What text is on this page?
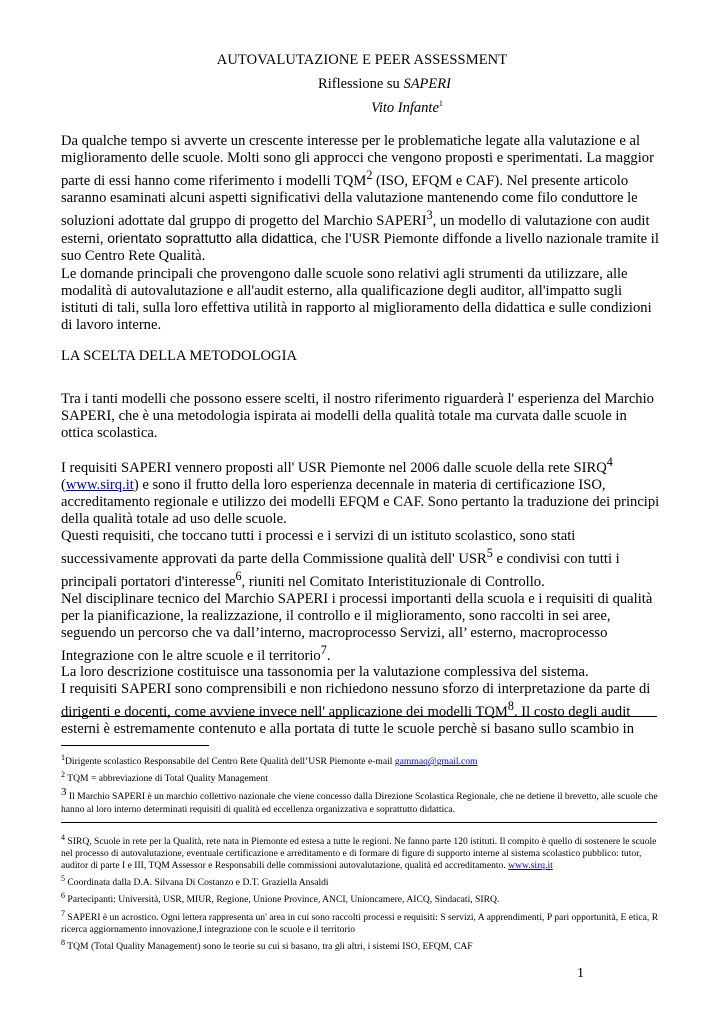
AUTOVALUTAZIONE E PEER ASSESSMENT
Riflessione su SAPERI
Vito Infante$^1$
Da qualche tempo si avverte un crescente interesse per le problematiche legate alla valutazione e al miglioramento delle scuole. Molti sono gli approcci che vengono proposti e sperimentati. La maggior parte di essi hanno come riferimento i modelli TQM$^2$ (ISO, EFQM e CAF). Nel presente articolo saranno esaminati alcuni aspetti significativi della valutazione mantenendo come filo conduttore le soluzioni adottate dal gruppo di progetto del Marchio SAPERI$^3$, un modello di valutazione con audit esterni, orientato soprattutto alla didattica, che l'USR Piemonte diffonde a livello nazionale tramite il suo Centro Rete Qualità.
Le domande principali che provengono dalle scuole sono relativi agli strumenti da utilizzare, alle modalità di autovalutazione e all'audit esterno, alla qualificazione degli auditor, all'impatto sugli istituti di tali, sulla loro effettiva utilità in rapporto al miglioramento della didattica e sulle condizioni di lavoro interne.
LA SCELTA DELLA METODOLOGIA
Tra i tanti modelli che possono essere scelti, il nostro riferimento riguarderà l' esperienza del Marchio SAPERI, che è una metodologia ispirata ai modelli della qualità totale ma curvata dalle scuole in ottica scolastica.

I requisiti SAPERI vennero proposti all' USR Piemonte nel 2006 dalle scuole della rete SIRQ$^4$ (www.sirq.it) e sono il frutto della loro esperienza decennale in materia di certificazione ISO, accreditamento regionale e utilizzo dei modelli EFQM e CAF. Sono pertanto la traduzione dei principi della qualità totale ad uso delle scuole.

Questi requisiti, che toccano tutti i processi e i servizi di un istituto scolastico, sono stati successivamente approvati da parte della Commissione qualità dell' USR$^5$ e condivisi con tutti i principali portatori d'interesse$^6$, riuniti nel Comitato Interistituzionale di Controllo.

Nel disciplinare tecnico del Marchio SAPERI i processi importanti della scuola e i requisiti di qualità per la pianificazione, la realizzazione, il controllo e il miglioramento, sono raccolti in sei aree, seguendo un percorso che va dall’interno, macroprocesso Servizi, all’ esterno, macroprocesso Integrazione con le altre scuole e il territorio$^7$.

La loro descrizione costituisce una tassonomia per la valutazione complessiva del sistema.

I requisiti SAPERI sono comprensibili e non richiedono nessuno sforzo di interpretazione da parte di dirigenti e docenti, come avviene invece nell' applicazione dei modelli TQM$^8$. Il costo degli audit esterni è estremamente contenuto e alla portata di tutte le scuole perchè si basano sullo scambio in

$^1$Dirigente scolastico Responsabile del Centro Rete Qualità dell’USR Piemonte e-mail gammaq@gmail.com

$^2$ TQM = abbreviazione di Total Quality Management

$^3$ Il Marchio SAPERI è un marchio collettivo nazionale che viene concesso dalla Direzione Scolastica Regionale, che ne detiene il brevetto, alle scuole che hanno al loro interno determinati requisiti di qualità ed eccellenza organizzativa e soprattutto didattica.

$^4$ SIRQ, Scuole in rete per la Qualità, rete nata in Piemonte ed estesa a tutte le regioni. Ne fanno parte 120 istituti. Il compito è quello di sostenere le scuole nel processo di autovalutazione, eventuale certificazione e arreditamento e di formare di figure di supporto interne al sistema scolastico pubblico: tutor, auditor di parte I e III, TQM Assessor e Responsabili delle commissioni autovalutazione, qualità ed accreditamento. www.sirq.it

$^5$ Coordinata dalla D.A. Silvana Di Costanzo e D.T. Graziella Ansaldi

$^6$ Partecipanti: Università, USR, MIUR, Regione, Unione Province, ANCI, Unioncamere, AICQ, Sindacati, SIRQ.

$^7$ SAPERI è un acrostico. Ogni lettera rappresenta un' area in cui sono raccolti processi e requisiti: S servizi, A apprendimenti, P pari opportunità, E etica, R ricerca aggiornamento innovazione,I integrazione con le scuole e il territorio

$^8$ TQM (Total Quality Management) sono le teorie su cui si basano, tra gli altri, i sistemi ISO, EFQM, CAF

1
